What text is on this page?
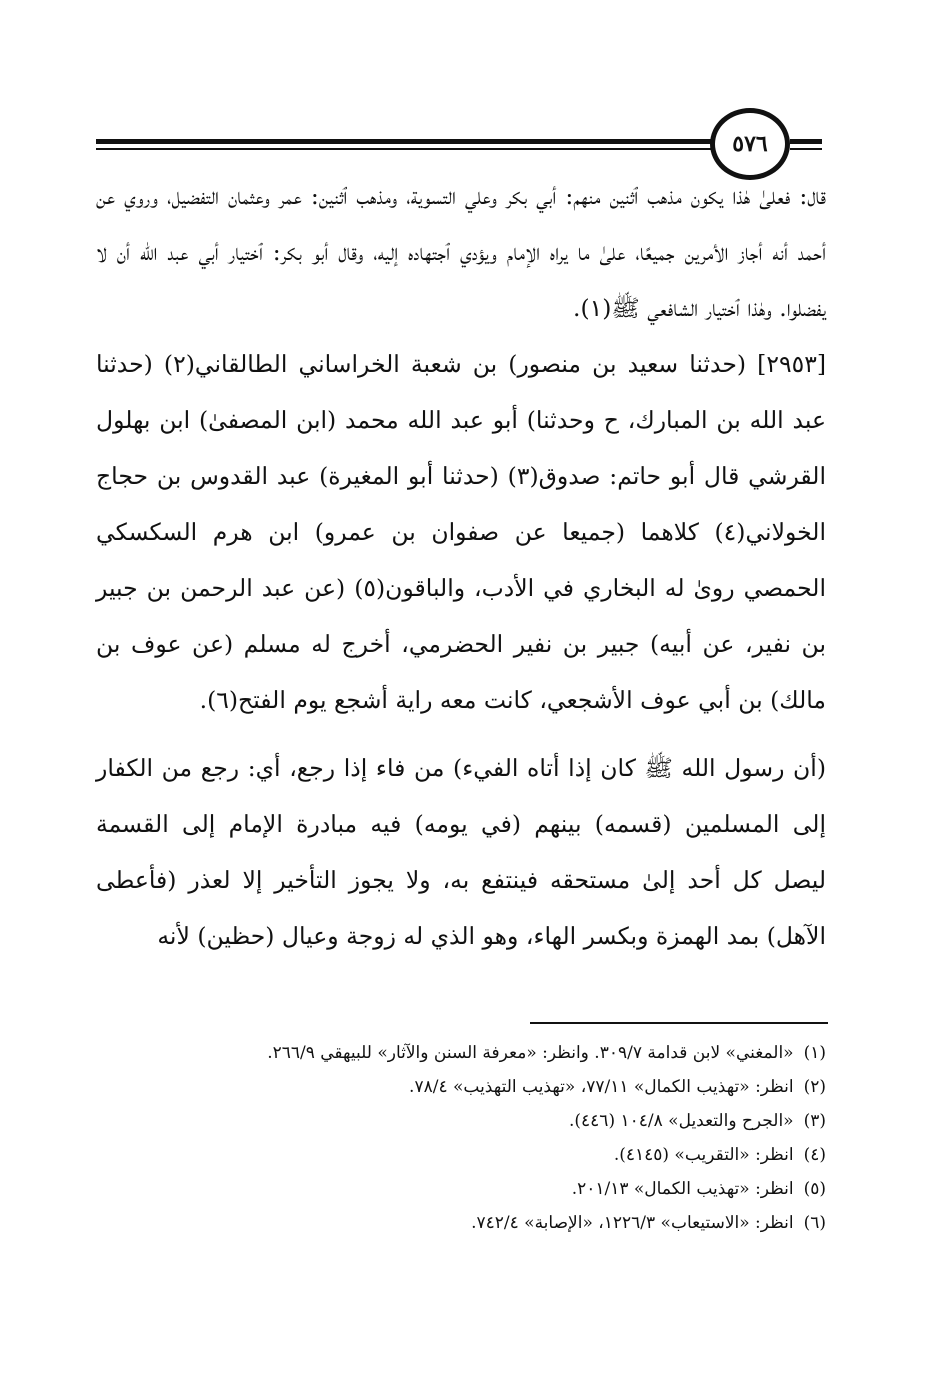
٥٧٦

قال: فعلىٰ هٰذا يكون مذهب ٱثنين منهم: أبي بكر وعلي التسوية، ومذهب ٱثنين: عمر وعثمان التفضيل، وروي عن أحمد أنه أجاز الأمرين جميعًا، علىٰ ما يراه الإمام ويؤدي ٱجتهاده إليه، وقال أبو بكر: ٱختيار أبي عبد الله أن لا يفضلوا. وهٰذا ٱختيار الشافعي ﷺ(١).

[٢٩٥٣] (حدثنا سعيد بن منصور) بن شعبة الخراساني الطالقاني(٢) (حدثنا عبد الله بن المبارك، ح وحدثنا) أبو عبد الله محمد (ابن المصفىٰ) ابن بهلول القرشي قال أبو حاتم: صدوق(٣) (حدثنا أبو المغيرة) عبد القدوس بن حجاج الخولاني(٤) كلاهما (جميعا عن صفوان بن عمرو) ابن هرم السكسكي الحمصي روىٰ له البخاري في الأدب، والباقون(٥) (عن عبد الرحمن بن جبير بن نفير، عن أبيه) جبير بن نفير الحضرمي، أخرج له مسلم (عن عوف بن مالك) بن أبي عوف الأشجعي، كانت معه راية أشجع يوم الفتح(٦).

(أن رسول الله ﷺ كان إذا أتاه الفيء) من فاء إذا رجع، أي: رجع من الكفار إلى المسلمين (قسمه) بينهم (في يومه) فيه مبادرة الإمام إلى القسمة ليصل كل أحد إلىٰ مستحقه فينتفع به، ولا يجوز التأخير إلا لعذر (فأعطى الآهل) بمد الهمزة وبكسر الهاء، وهو الذي له زوجة وعيال (حظين) لأنه

(١)«المغني» لابن قدامة ٣٠٩/٧. وانظر: «معرفة السنن والآثار» للبيهقي ٢٦٦/٩.
(٢)انظر: «تهذيب الكمال» ٧٧/١١، «تهذيب التهذيب» ٧٨/٤.
(٣)«الجرح والتعديل» ١٠٤/٨ (٤٤٦).
(٤)انظر: «التقريب» (٤١٤٥).
(٥)انظر: «تهذيب الكمال» ٢٠١/١٣.
(٦)انظر: «الاستيعاب» ١٢٢٦/٣، «الإصابة» ٧٤٢/٤.
